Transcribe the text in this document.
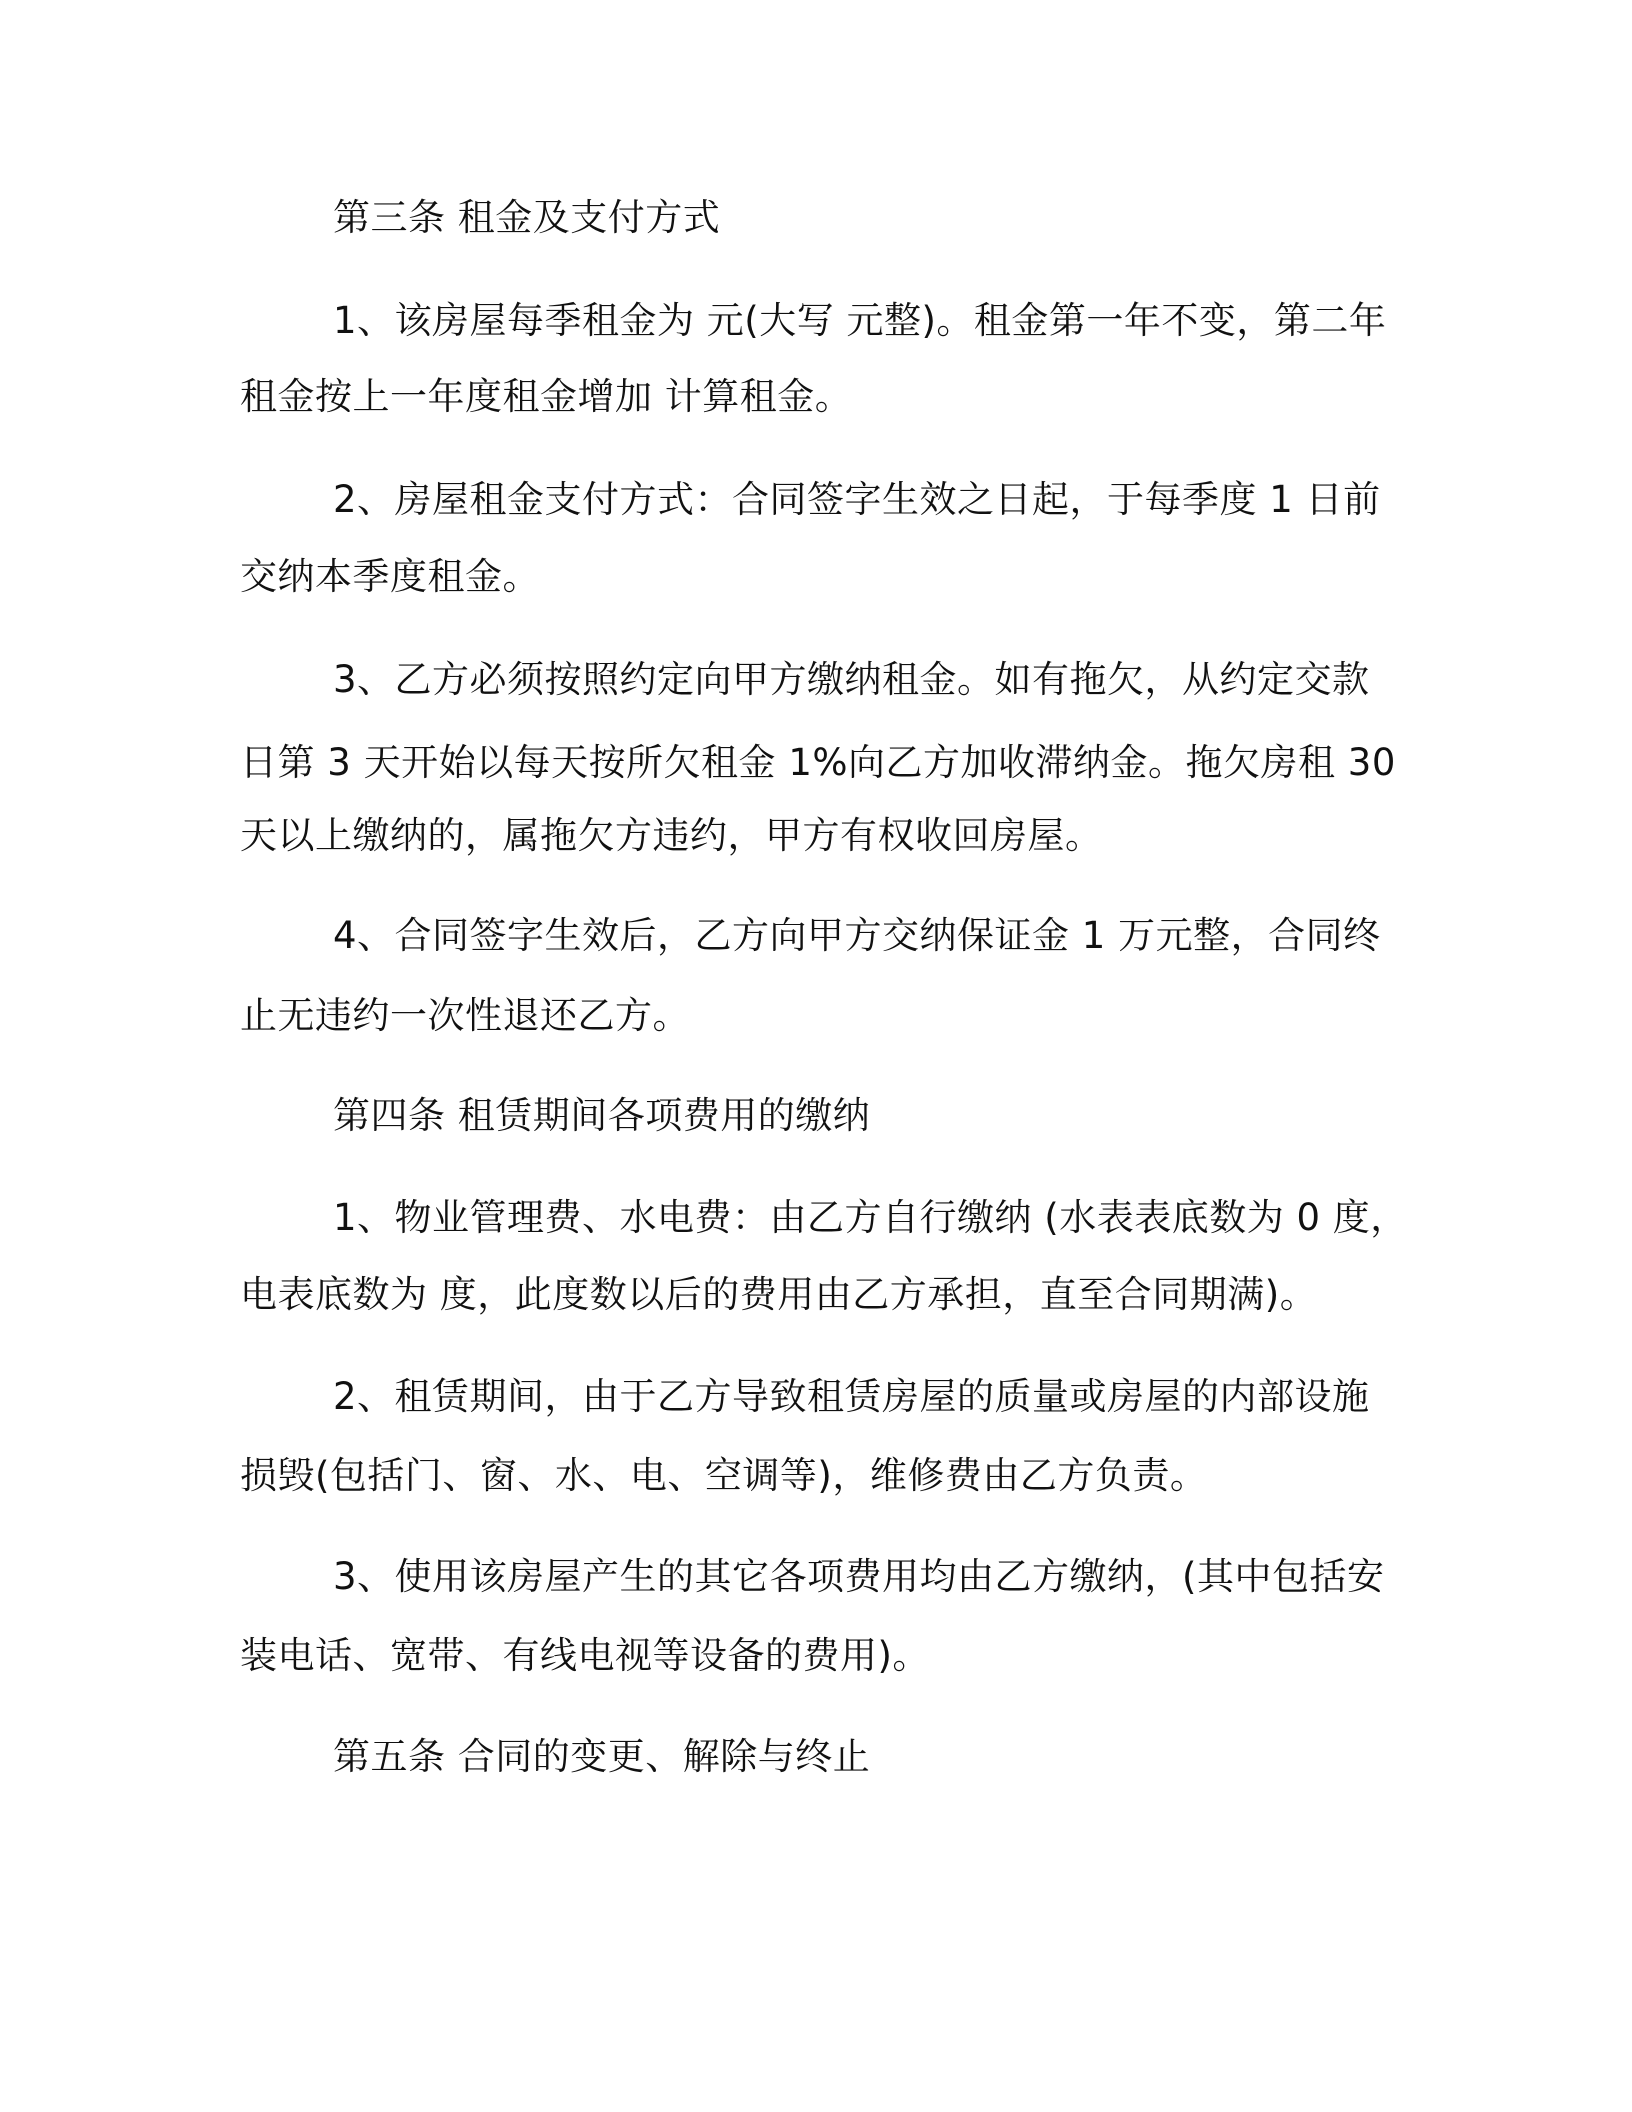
第三条 租金及支付方式
1、该房屋每季租金为 元(大写 元整)。租金第一年不变，第二年
租金按上一年度租金增加 计算租金。
2、房屋租金支付方式：合同签字生效之日起，于每季度 1 日前
交纳本季度租金。
3、乙方必须按照约定向甲方缴纳租金。如有拖欠，从约定交款
日第 3 天开始以每天按所欠租金 1%向乙方加收滞纳金。拖欠房租 30
天以上缴纳的，属拖欠方违约，甲方有权收回房屋。
4、合同签字生效后，乙方向甲方交纳保证金 1 万元整，合同终
止无违约一次性退还乙方。
第四条 租赁期间各项费用的缴纳
1、物业管理费、水电费：由乙方自行缴纳 (水表表底数为 0 度，
电表底数为 度，此度数以后的费用由乙方承担，直至合同期满)。
2、租赁期间，由于乙方导致租赁房屋的质量或房屋的内部设施
损毁(包括门、窗、水、电、空调等)，维修费由乙方负责。
3、使用该房屋产生的其它各项费用均由乙方缴纳，(其中包括安
装电话、宽带、有线电视等设备的费用)。
第五条 合同的变更、解除与终止
